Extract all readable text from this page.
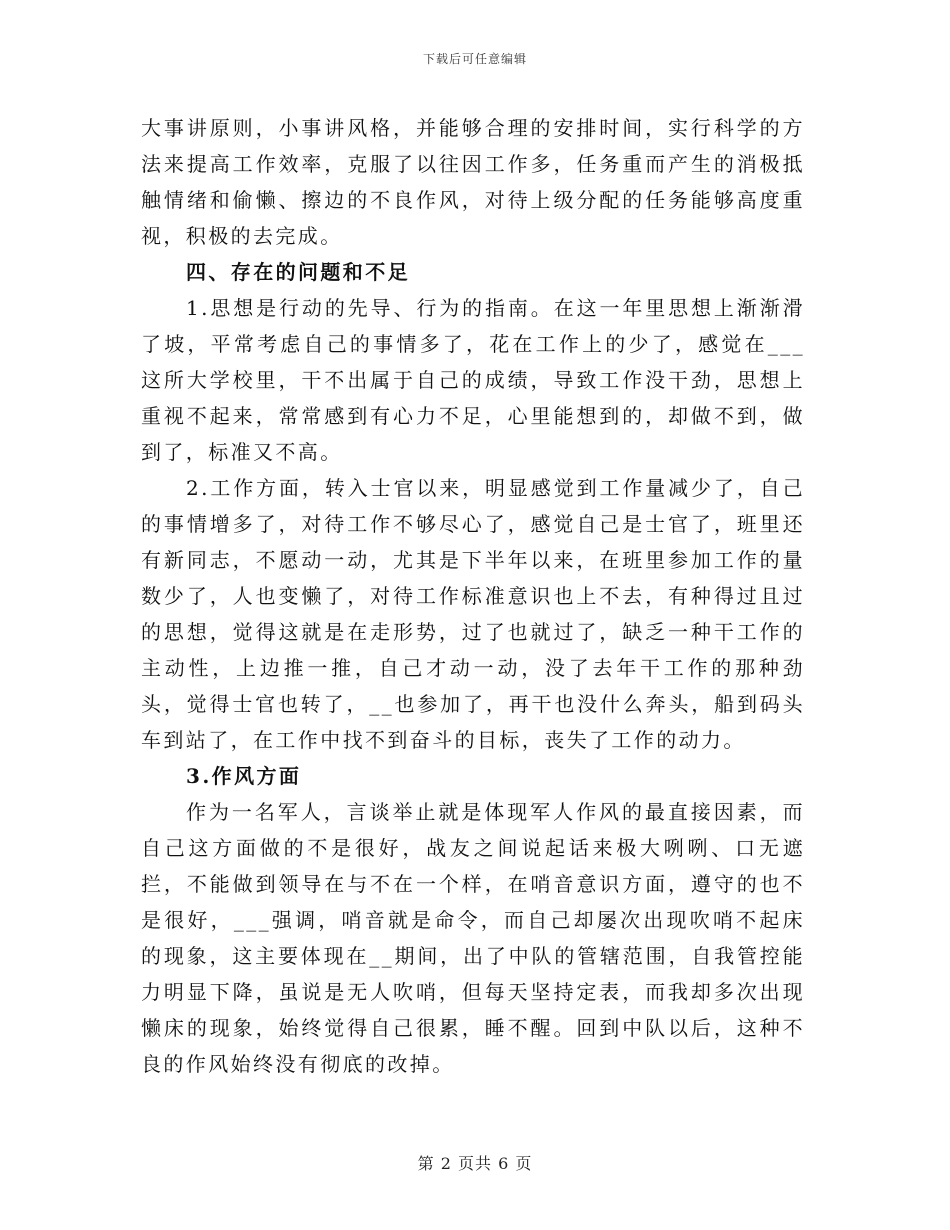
下载后可任意编辑

大事讲原则，小事讲风格，并能够合理的安排时间，实行科学的方法来提高工作效率，克服了以往因工作多，任务重而产生的消极抵触情绪和偷懒、擦边的不良作风，对待上级分配的任务能够高度重视，积极的去完成。

四、存在的问题和不足

1.思想是行动的先导、行为的指南。在这一年里思想上渐渐滑了坡，平常考虑自己的事情多了，花在工作上的少了，感觉在___这所大学校里，干不出属于自己的成绩，导致工作没干劲，思想上重视不起来，常常感到有心力不足，心里能想到的，却做不到，做到了，标准又不高。

2.工作方面，转入士官以来，明显感觉到工作量减少了，自己的事情增多了，对待工作不够尽心了，感觉自己是士官了，班里还有新同志，不愿动一动，尤其是下半年以来，在班里参加工作的量数少了，人也变懒了，对待工作标准意识也上不去，有种得过且过的思想，觉得这就是在走形势，过了也就过了，缺乏一种干工作的主动性，上边推一推，自己才动一动，没了去年干工作的那种劲头，觉得士官也转了，__也参加了，再干也没什么奔头，船到码头车到站了，在工作中找不到奋斗的目标，丧失了工作的动力。

3.作风方面

作为一名军人，言谈举止就是体现军人作风的最直接因素，而自己这方面做的不是很好，战友之间说起话来极大咧咧、口无遮拦，不能做到领导在与不在一个样，在哨音意识方面，遵守的也不是很好，___强调，哨音就是命令，而自己却屡次出现吹哨不起床的现象，这主要体现在__期间，出了中队的管辖范围，自我管控能力明显下降，虽说是无人吹哨，但每天坚持定表，而我却多次出现懒床的现象，始终觉得自己很累，睡不醒。回到中队以后，这种不良的作风始终没有彻底的改掉。

第 2 页共 6 页
